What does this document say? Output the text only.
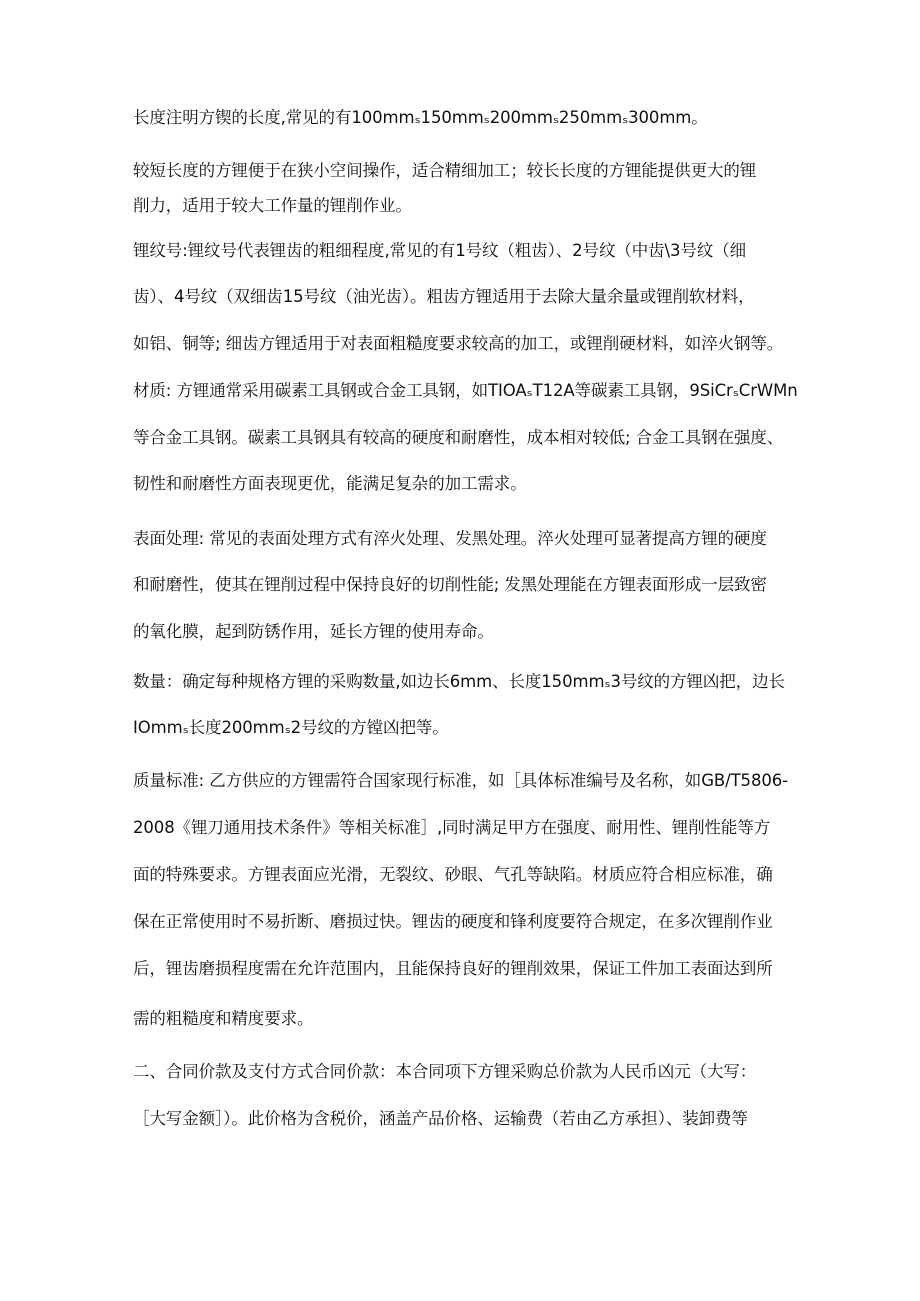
长度注明方锲的长度,常见的有100mmₛ150mmₛ200mmₛ250mmₛ300mm。
较短长度的方锂便于在狭小空间操作，适合精细加工；较长长度的方锂能提供更大的锂
削力，适用于较大工作量的锂削作业。
锂纹号:锂纹号代表锂齿的粗细程度,常见的有1号纹（粗齿）、2号纹（中齿\3号纹（细
齿）、4号纹（双细齿15号纹（油光齿）。粗齿方锂适用于去除大量余量或锂削软材料，
如铝、铜等; 细齿方锂适用于对表面粗糙度要求较高的加工，或锂削硬材料，如淬火钢等。
材质: 方锂通常采用碳素工具钢或合金工具钢，如TIOAₛT12A等碳素工具钢，9SiCrₛCrWMn
等合金工具钢。碳素工具钢具有较高的硬度和耐磨性，成本相对较低; 合金工具钢在强度、
韧性和耐磨性方面表现更优，能满足复杂的加工需求。
表面处理: 常见的表面处理方式有淬火处理、发黑处理。淬火处理可显著提高方锂的硬度
和耐磨性，使其在锂削过程中保持良好的切削性能; 发黑处理能在方锂表面形成一层致密
的氧化膜，起到防锈作用，延长方锂的使用寿命。
数量：确定每种规格方锂的采购数量,如边长6mm、长度150mmₛ3号纹的方锂凶把，边长
IOmmₛ长度200mmₛ2号纹的方镗凶把等。
质量标准: 乙方供应的方锂需符合国家现行标准，如［具体标准编号及名称，如GB/T5806-
2008《锂刀通用技术条件》等相关标准］,同时满足甲方在强度、耐用性、锂削性能等方
面的特殊要求。方锂表面应光滑，无裂纹、砂眼、气孔等缺陷。材质应符合相应标准，确
保在正常使用时不易折断、磨损过快。锂齿的硬度和锋利度要符合规定，在多次锂削作业
后，锂齿磨损程度需在允许范围内，且能保持良好的锂削效果，保证工件加工表面达到所
需的粗糙度和精度要求。
二、合同价款及支付方式合同价款：本合同项下方锂采购总价款为人民币凶元（大写：
［大写金额］）。此价格为含税价，涵盖产品价格、运输费（若由乙方承担）、装卸费等
